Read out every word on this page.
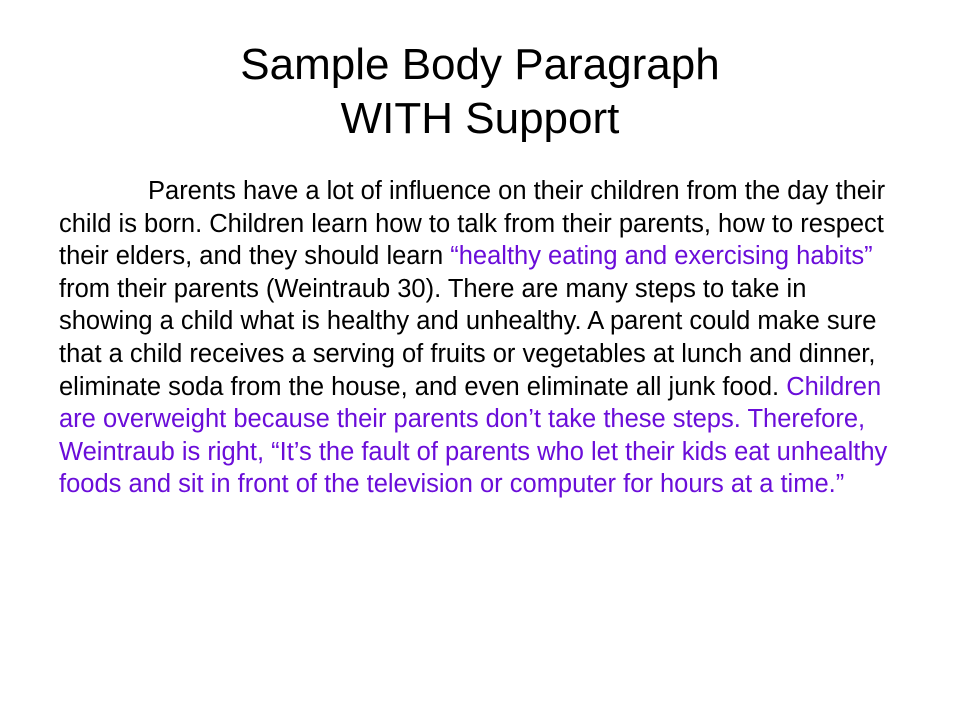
Sample Body Paragraph
WITH Support

Parents have a lot of influence on their children from the day their child is born. Children learn how to talk from their parents, how to respect their elders, and they should learn “healthy eating and exercising habits” from their parents (Weintraub 30). There are many steps to take in showing a child what is healthy and unhealthy. A parent could make sure that a child receives a serving of fruits or vegetables at lunch and dinner, eliminate soda from the house, and even eliminate all junk food. Children are overweight because their parents don’t take these steps. Therefore, Weintraub is right, “It’s the fault of parents who let their kids eat unhealthy foods and sit in front of the television or computer for hours at a time.”
